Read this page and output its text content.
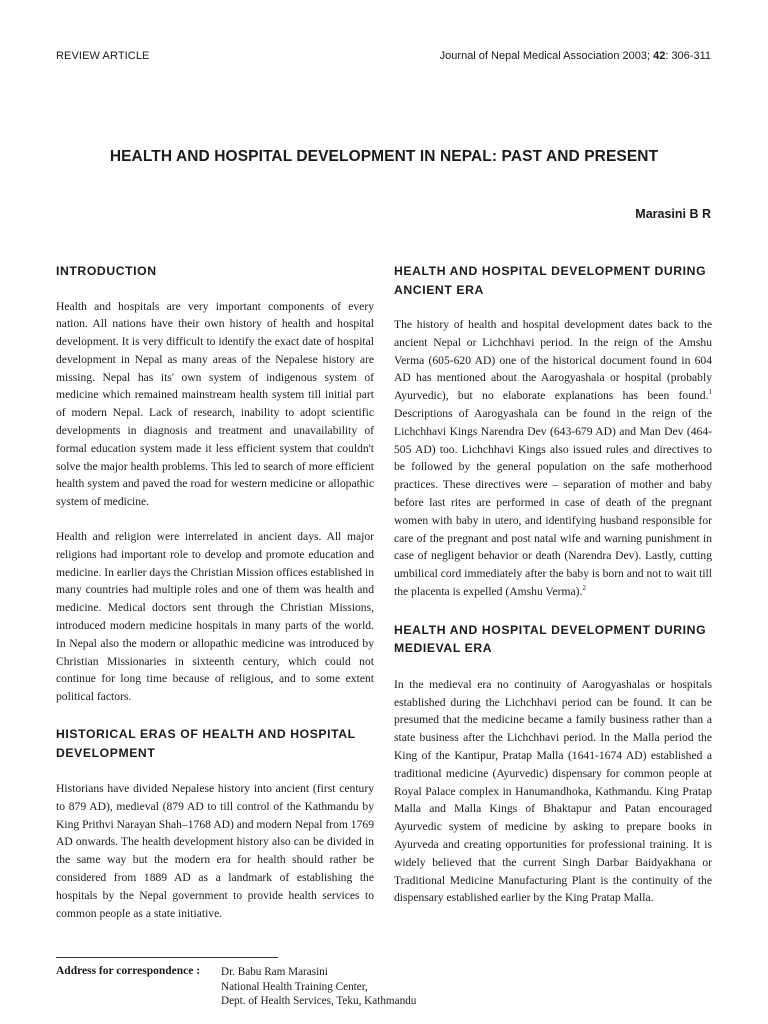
REVIEW ARTICLE	Journal of Nepal Medical Association 2003; 42: 306-311
HEALTH AND HOSPITAL DEVELOPMENT IN NEPAL: PAST AND PRESENT
Marasini B R

INTRODUCTION

Health and hospitals are very important components of every nation. All nations have their own history of health and hospital development. It is very difficult to identify the exact date of hospital development in Nepal as many areas of the Nepalese history are missing. Nepal has its' own system of indigenous system of medicine which remained mainstream health system till initial part of modern Nepal. Lack of research, inability to adopt scientific developments in diagnosis and treatment and unavailability of formal education system made it less efficient system that couldn't solve the major health problems. This led to search of more efficient health system and paved the road for western medicine or allopathic system of medicine.

Health and religion were interrelated in ancient days. All major religions had important role to develop and promote education and medicine. In earlier days the Christian Mission offices established in many countries had multiple roles and one of them was health and medicine. Medical doctors sent through the Christian Missions, introduced modern medicine hospitals in many parts of the world. In Nepal also the modern or allopathic medicine was introduced by Christian Missionaries in sixteenth century, which could not continue for long time because of religious, and to some extent political factors.

HISTORICAL ERAS OF HEALTH AND HOSPITAL DEVELOPMENT

Historians have divided Nepalese history into ancient (first century to 879 AD), medieval (879 AD to till control of the Kathmandu by King Prithvi Narayan Shah–1768 AD) and modern Nepal from 1769 AD onwards. The health development history also can be divided in the same way but the modern era for health should rather be considered from 1889 AD as a landmark of establishing the hospitals by the Nepal government to provide health services to common people as a state initiative.

HEALTH AND HOSPITAL DEVELOPMENT DURING ANCIENT ERA

The history of health and hospital development dates back to the ancient Nepal or Lichchhavi period. In the reign of the Amshu Verma (605-620 AD) one of the historical document found in 604 AD has mentioned about the Aarogyashala or hospital (probably Ayurvedic), but no elaborate explanations has been found.$^1$ Descriptions of Aarogyashala can be found in the reign of the Lichchhavi Kings Narendra Dev (643-679 AD) and Man Dev (464-505 AD) too. Lichchhavi Kings also issued rules and directives to be followed by the general population on the safe motherhood practices. These directives were – separation of mother and baby before last rites are performed in case of death of the pregnant women with baby in utero, and identifying husband responsible for care of the pregnant and post natal wife and warning punishment in case of negligent behavior or death (Narendra Dev). Lastly, cutting umbilical cord immediately after the baby is born and not to wait till the placenta is expelled (Amshu Verma).$^2$

HEALTH AND HOSPITAL DEVELOPMENT DURING MEDIEVAL ERA

In the medieval era no continuity of Aarogyashalas or hospitals established during the Lichchhavi period can be found. It can be presumed that the medicine became a family business rather than a state business after the Lichchhavi period. In the Malla period the King of the Kantipur, Pratap Malla (1641-1674 AD) established a traditional medicine (Ayurvedic) dispensary for common people at Royal Palace complex in Hanumandhoka, Kathmandu. King Pratap Malla and Malla Kings of Bhaktapur and Patan encouraged Ayurvedic system of medicine by asking to prepare books in Ayurveda and creating opportunities for professional training. It is widely believed that the current Singh Darbar Baidyakhana or Traditional Medicine Manufacturing Plant is the continuity of the dispensary established earlier by the King Pratap Malla.

Address for correspondence : Dr. Babu Ram Marasini
National Health Training Center,
Dept. of Health Services, Teku, Kathmandu
